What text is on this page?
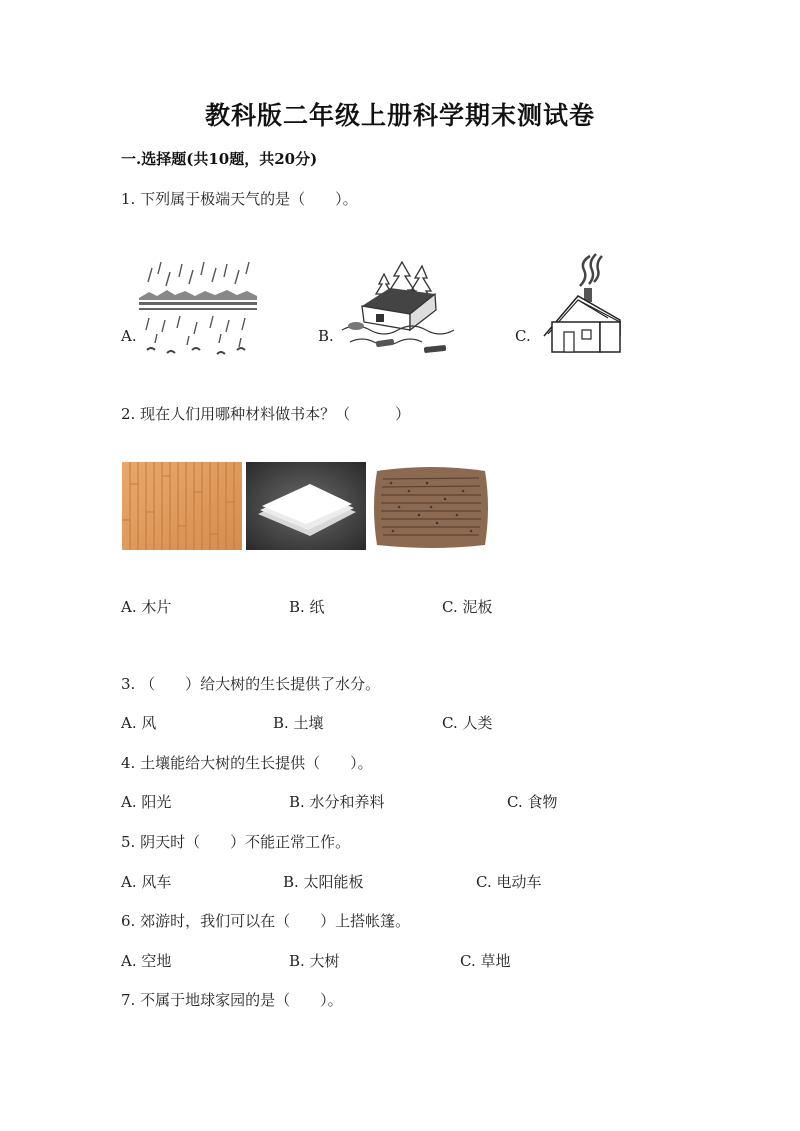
教科版二年级上册科学期末测试卷
一.选择题(共10题，共20分)
1. 下列属于极端天气的是（　　）。
A.	B.	C.
2. 现在人们用哪种材料做书本？（　　　）
A. 木片	B. 纸	C. 泥板
3. （　　）给大树的生长提供了水分。
A. 风	B. 土壤	C. 人类
4. 土壤能给大树的生长提供（　　）。
A. 阳光	B. 水分和养料	C. 食物
5. 阴天时（　　）不能正常工作。
A. 风车	B. 太阳能板	C. 电动车
6. 郊游时，我们可以在（　　）上搭帐篷。
A. 空地	B. 大树	C. 草地
7. 不属于地球家园的是（　　）。
